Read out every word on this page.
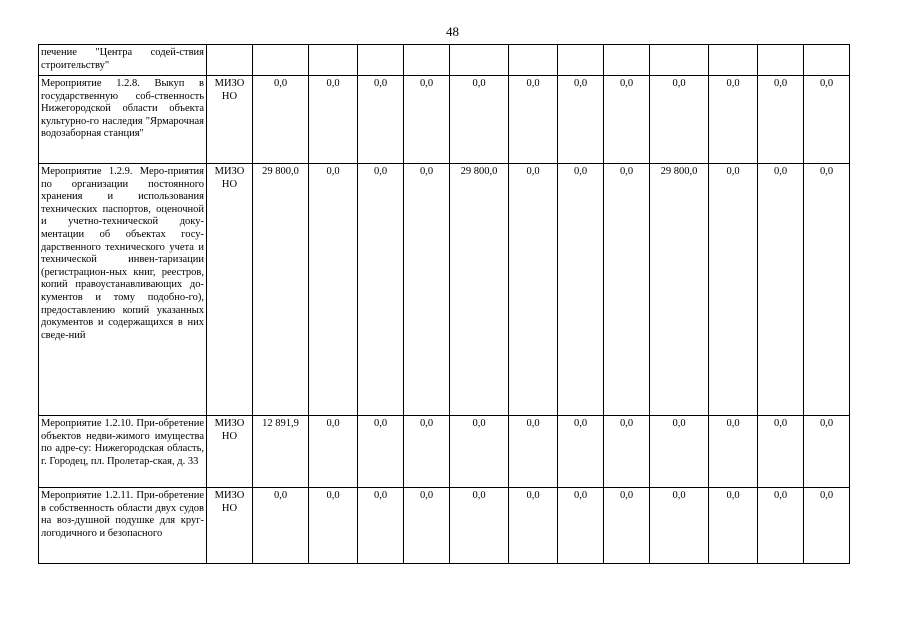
48
печение "Центра содей-ствия строительству"													
Мероприятие 1.2.8. Выкуп в государственную соб-ственность Нижегородской области объекта культурно-го наследия "Ярмарочная водозаборная станция"	МИЗО НО	0,0	0,0	0,0	0,0	0,0	0,0	0,0	0,0	0,0	0,0	0,0	0,0
Мероприятие 1.2.9. Меро-приятия по организации постоянного хранения и использования технических паспортов, оценочной и учетно-технической доку-ментации об объектах госу-дарственного технического учета и технической инвен-таризации (регистрацион-ных книг, реестров, копий правоустанавливающих до-кументов и тому подобно-го), предоставлению копий указанных документов и содержащихся в них сведе-ний	МИЗО НО	29 800,0	0,0	0,0	0,0	29 800,0	0,0	0,0	0,0	29 800,0	0,0	0,0	0,0
Мероприятие 1.2.10. При-обретение объектов недви-жимого имущества по адре-су: Нижегородская область, г. Городец, пл. Пролетар-ская, д. 33	МИЗО НО	12 891,9	0,0	0,0	0,0	0,0	0,0	0,0	0,0	0,0	0,0	0,0	0,0
Мероприятие 1.2.11. При-обретение в собственность области двух судов на воз-душной подушке для круг-логодичного и безопасного	МИЗО НО	0,0	0,0	0,0	0,0	0,0	0,0	0,0	0,0	0,0	0,0	0,0	0,0
